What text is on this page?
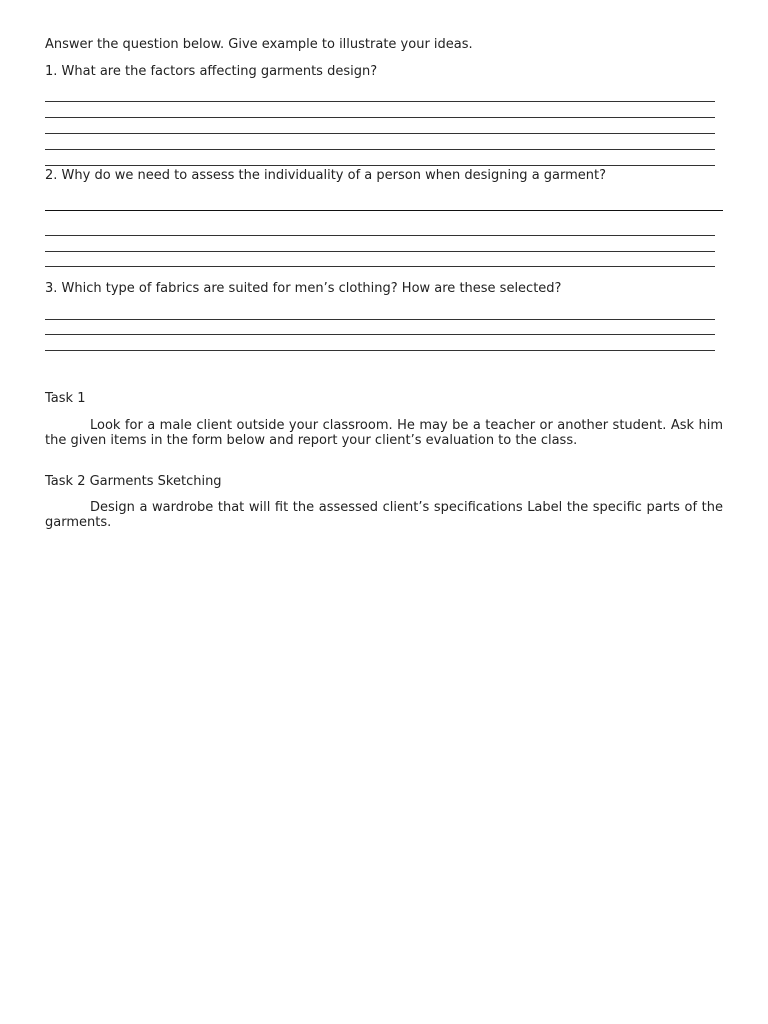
Answer the question below. Give example to illustrate your ideas.

1. What are the factors affecting garments design?

2. Why do we need to assess the individuality of a person when designing a garment?

3. Which type of fabrics are suited for men’s clothing? How are these selected?

Task 1

Look for a male client outside your classroom. He may be a teacher or another student. Ask him the given items in the form below and report your client’s evaluation to the class.

Task 2 Garments Sketching

Design a wardrobe that will fit the assessed client’s specifications Label the specific parts of the garments.
